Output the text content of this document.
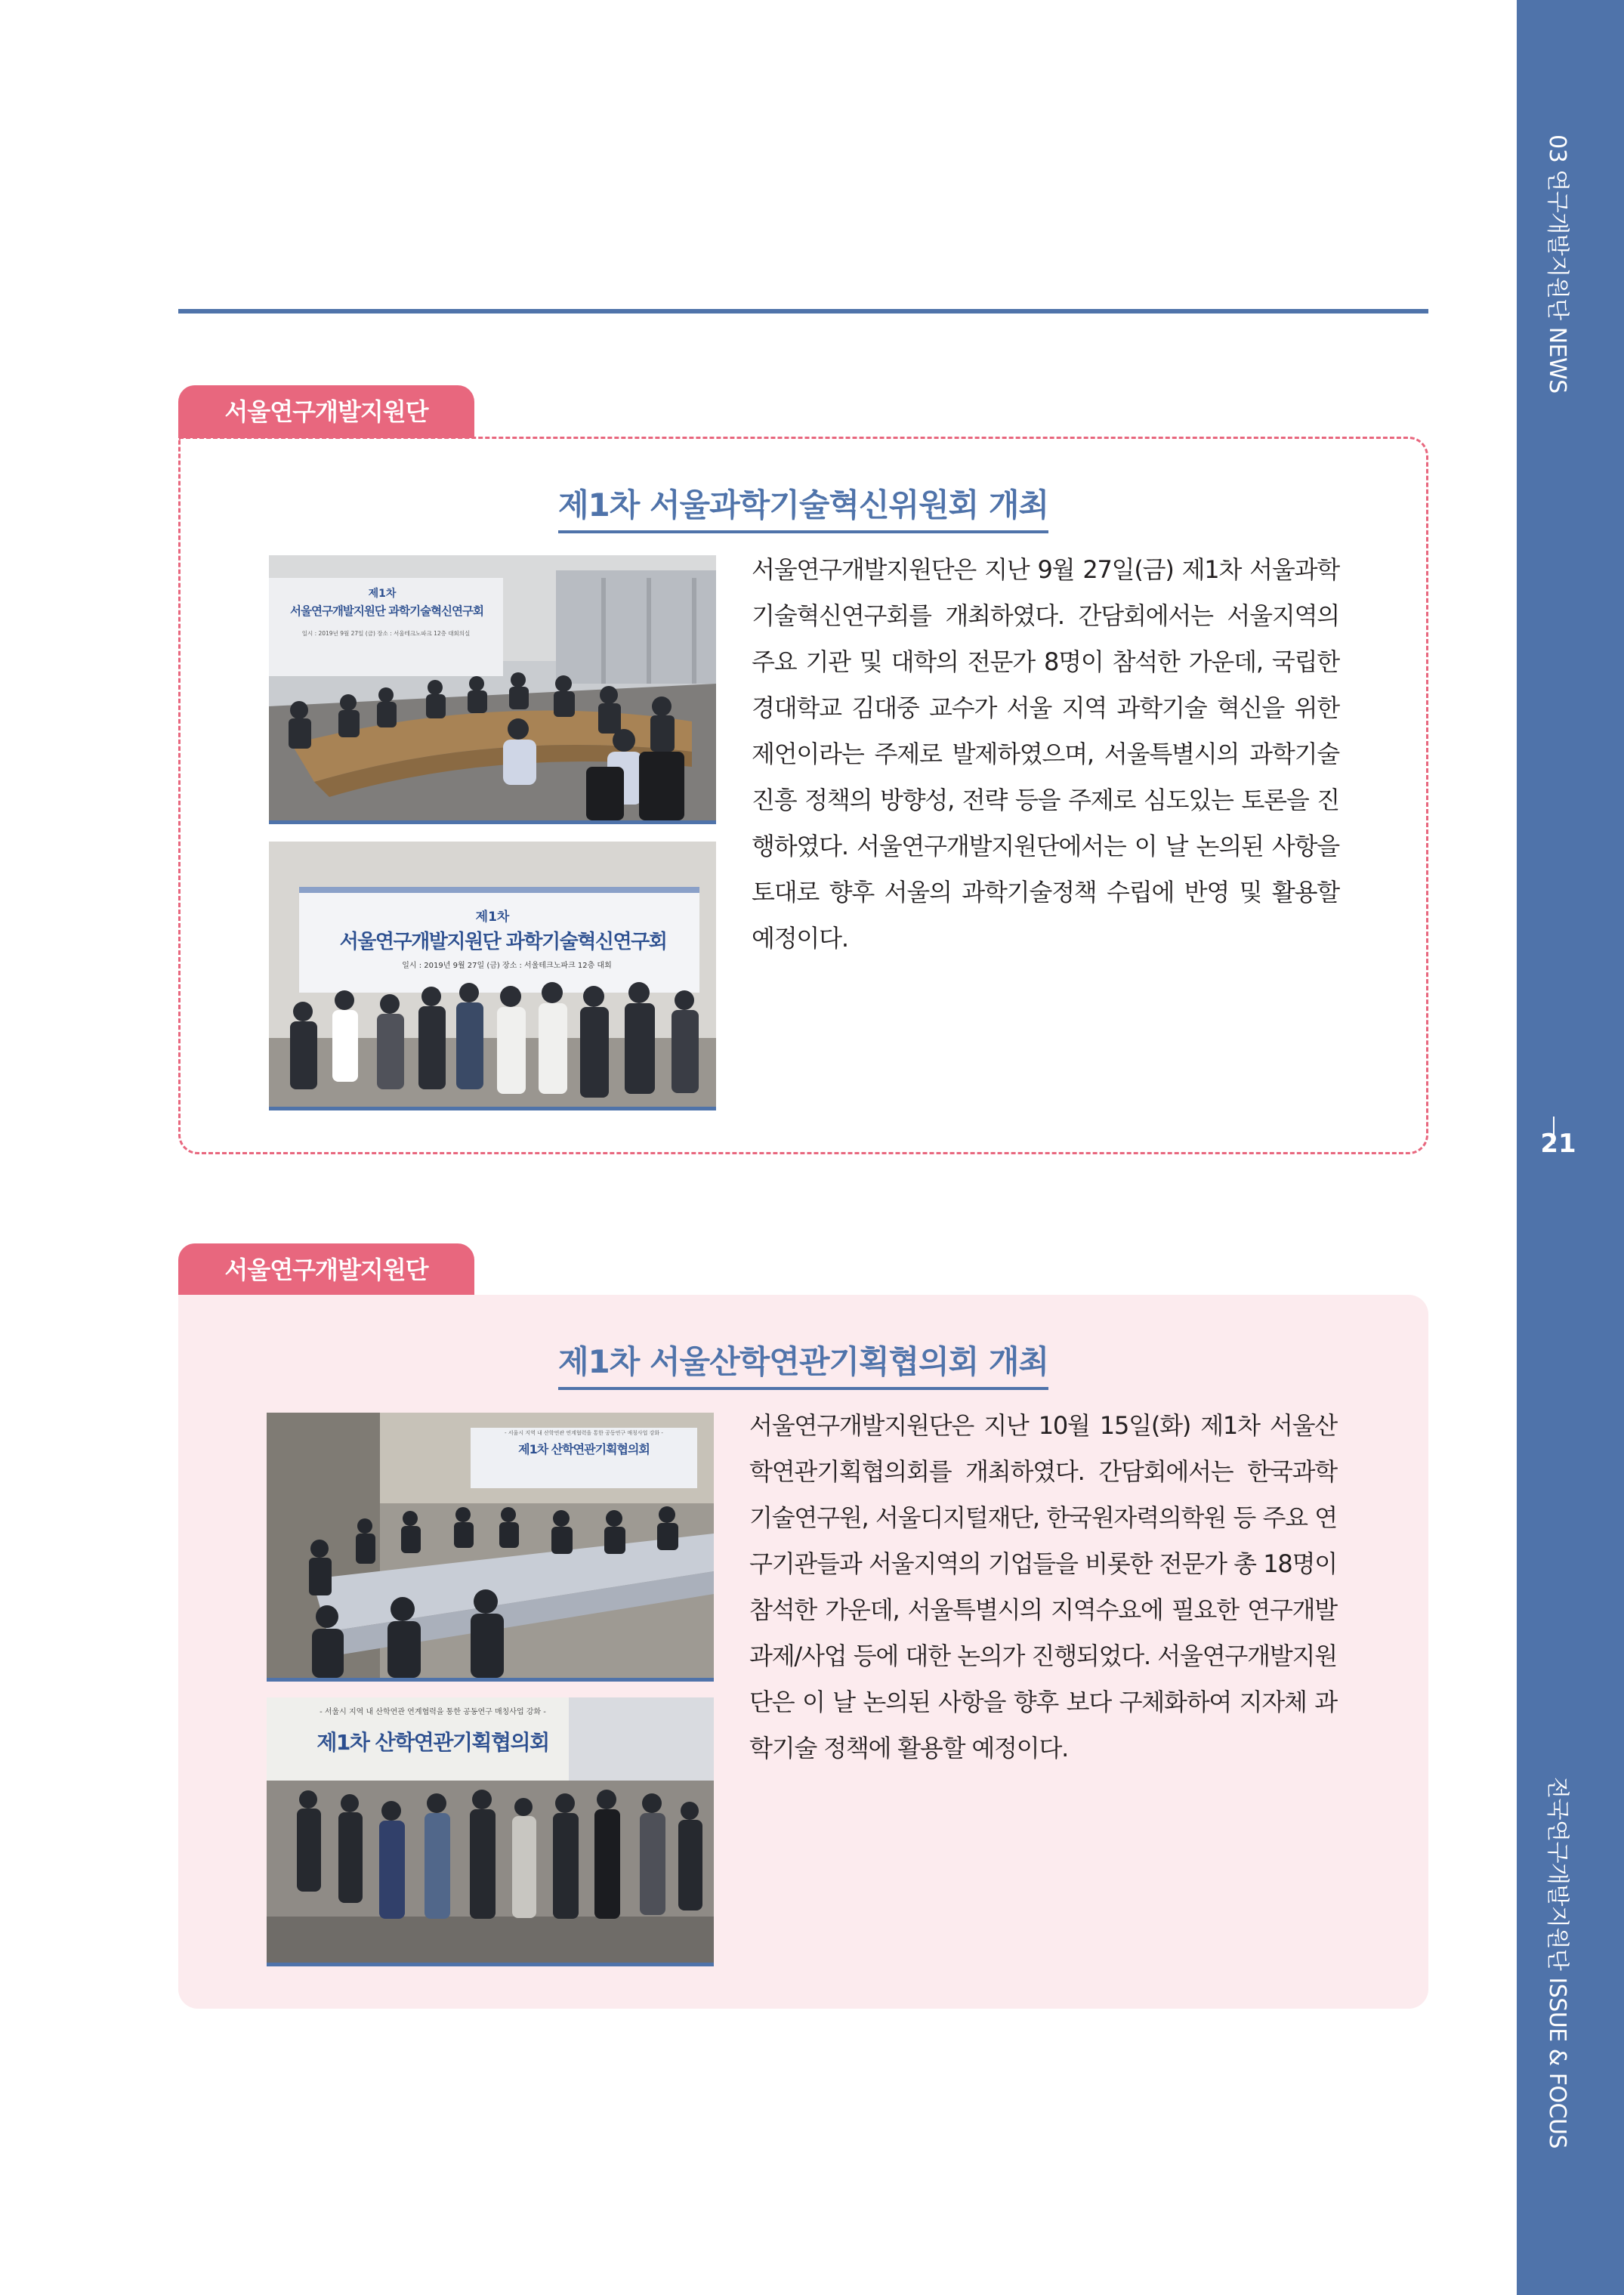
03 연구개발지원단 NEWS
21
전국연구개발지원단 ISSUE & FOCUS
서울연구개발지원단
제1차 서울과학기술혁신위원회 개최
제1차
서울연구개발지원단 과학기술혁신연구회
일시 : 2019년 9월 27일 (금) 장소 : 서울테크노파크 12층 대회의실
제1차
서울연구개발지원단 과학기술혁신연구회
일시 : 2019년 9월 27일 (금) 장소 : 서울테크노파크 12층 대회
서울연구개발지원단은 지난 9월 27일(금) 제1차 서울과학기술혁신연구회를 개최하였다. 간담회에서는 서울지역의 주요 기관 및 대학의 전문가 8명이 참석한 가운데, 국립한경대학교 김대중 교수가 서울 지역 과학기술 혁신을 위한 제언이라는 주제로 발제하였으며, 서울특별시의 과학기술 진흥 정책의 방향성, 전략 등을 주제로 심도있는 토론을 진행하였다. 서울연구개발지원단에서는 이 날 논의된 사항을 토대로 향후 서울의 과학기술정책 수립에 반영 및 활용할 예정이다.
서울연구개발지원단
제1차 서울산학연관기획협의회 개최
- 서울시 지역 내 산학연관 연계협력을 통한 공동연구 매칭사업 강화 -
제1차 산학연관기획협의회
- 서울시 지역 내 산학연관 연계협력을 통한 공동연구 매칭사업 강화 -
제1차 산학연관기획협의회
서울연구개발지원단은 지난 10월 15일(화) 제1차 서울산학연관기획협의회를 개최하였다. 간담회에서는 한국과학기술연구원, 서울디지털재단, 한국원자력의학원 등 주요 연구기관들과 서울지역의 기업들을 비롯한 전문가 총 18명이 참석한 가운데, 서울특별시의 지역수요에 필요한 연구개발 과제/사업 등에 대한 논의가 진행되었다. 서울연구개발지원단은 이 날 논의된 사항을 향후 보다 구체화하여 지자체 과학기술 정책에 활용할 예정이다.
